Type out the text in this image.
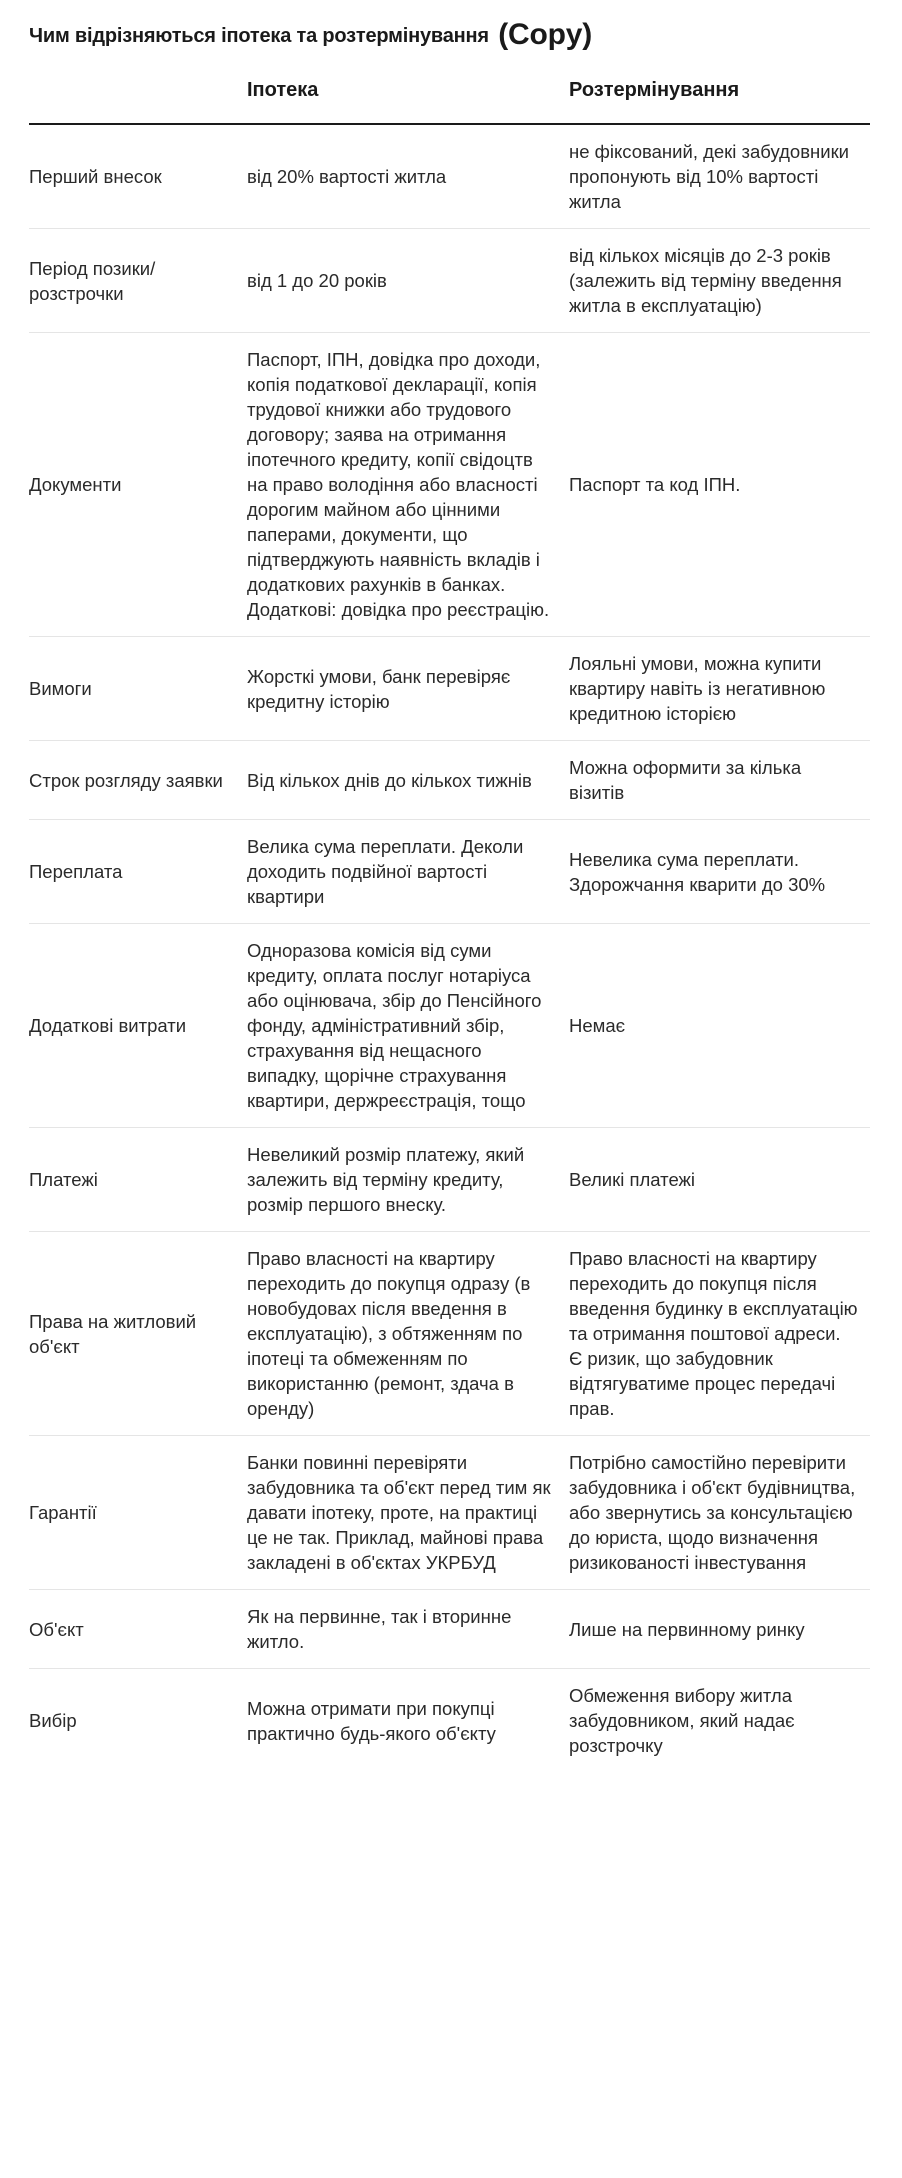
Чим відрізняються іпотека та розтермінування (Copy)
	Іпотека	Розтермінування
Перший внесок	від 20% вартості житла	не фіксований, декі забудовники пропонують від 10% вартості житла
Період позики/ розстрочки	від 1 до 20 років	від кількох місяців до 2-3 років (залежить від терміну введення житла в експлуатацію)
Документи	Паспорт, ІПН, довідка про доходи, копія податкової декларації, копія трудової книжки або трудового договору; заява на отримання іпотечного кредиту, копії свідоцтв на право володіння або власності дорогим майном або цінними паперами, документи, що підтверджують наявність вкладів і додаткових рахунків в банках. Додаткові: довідка про реєстрацію.	Паспорт та код ІПН.
Вимоги	Жорсткі умови, банк перевіряє кредитну історію	Лояльні умови, можна купити квартиру навіть із негативною кредитною історією
Строк розгляду заявки	Від кількох днів до кількох тижнів	Можна оформити за кілька візитів
Переплата	Велика сума переплати. Деколи доходить подвійної вартості квартири	Невелика сума переплати. Здорожчання кварити до 30%
Додаткові витрати	Одноразова комісія від суми кредиту, оплата послуг нотаріуса або оцінювача, збір до Пенсійного фонду, адміністративний збір, страхування від нещасного випадку, щорічне страхування квартири, держреєстрація, тощо	Немає
Платежі	Невеликий розмір платежу, який залежить від терміну кредиту, розмір першого внеску.	Великі платежі
Права на житловий об'єкт	Право власності на квартиру переходить до покупця одразу (в новобудовах після введення в експлуатацію), з обтяженням по іпотеці та обмеженням по використанню (ремонт, здача в оренду)	Право власності на квартиру переходить до покупця після введення будинку в експлуатацію та отримання поштової адреси. Є ризик, що забудовник відтягуватиме процес передачі прав.
Гарантії	Банки повинні перевіряти забудовника та об'єкт перед тим як давати іпотеку, проте, на практиці це не так. Приклад, майнові права закладені в об'єктах УКРБУД	Потрібно самостійно перевірити забудовника і об'єкт будівництва, або звернутись за консультацією до юриста, щодо визначення ризикованості інвестування
Об'єкт	Як на первинне, так і вторинне житло.	Лише на первинному ринку
Вибір	Можна отримати при покупці практично будь-якого об'єкту	Обмеження вибору житла забудовником, який надає розстрочку
